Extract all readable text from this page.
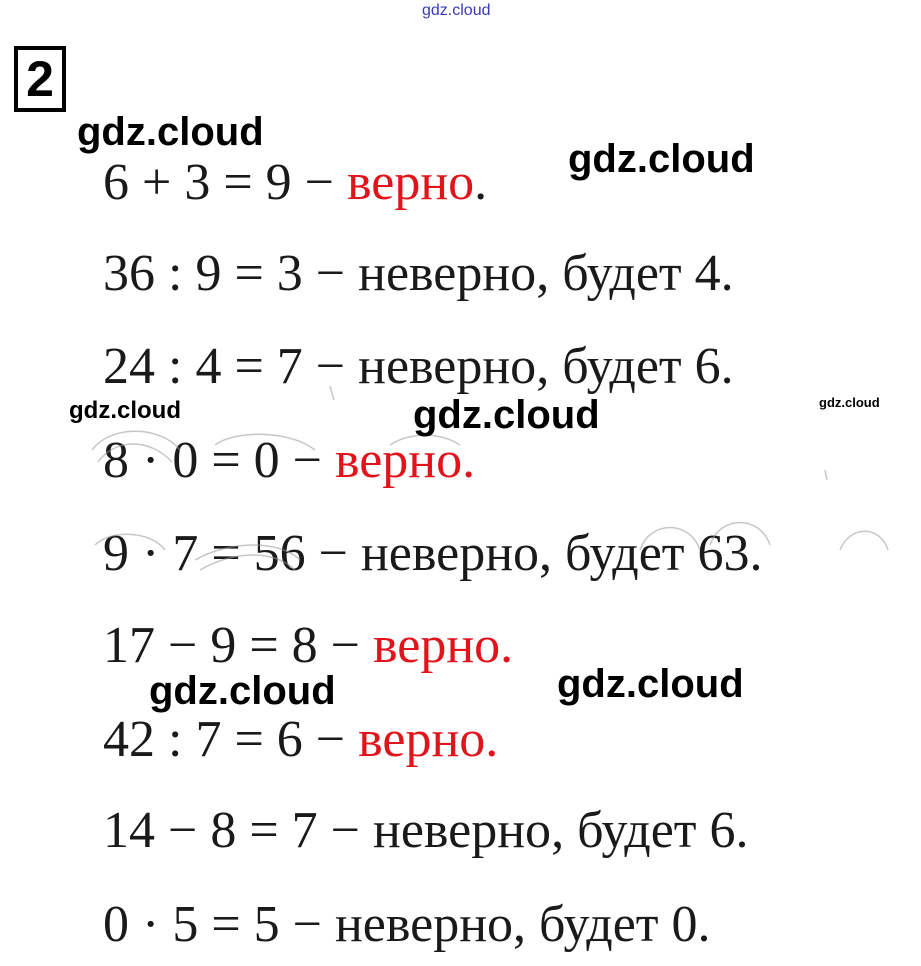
gdz.cloud
2
6 + 3 = 9 − верно.
36 : 9 = 3 − неверно, будет 4.
24 : 4 = 7 − неверно, будет 6.
8 · 0 = 0 − верно.
9 · 7 = 56 − неверно, будет 63.
17 − 9 = 8 − верно.
42 : 7 = 6 − верно.
14 − 8 = 7 − неверно, будет 6.
0 · 5 = 5 − неверно, будет 0.
gdz.cloud
gdz.cloud
gdz.cloud	gdz.cloud	gdz.cloud
gdz.cloud	gdz.cloud
